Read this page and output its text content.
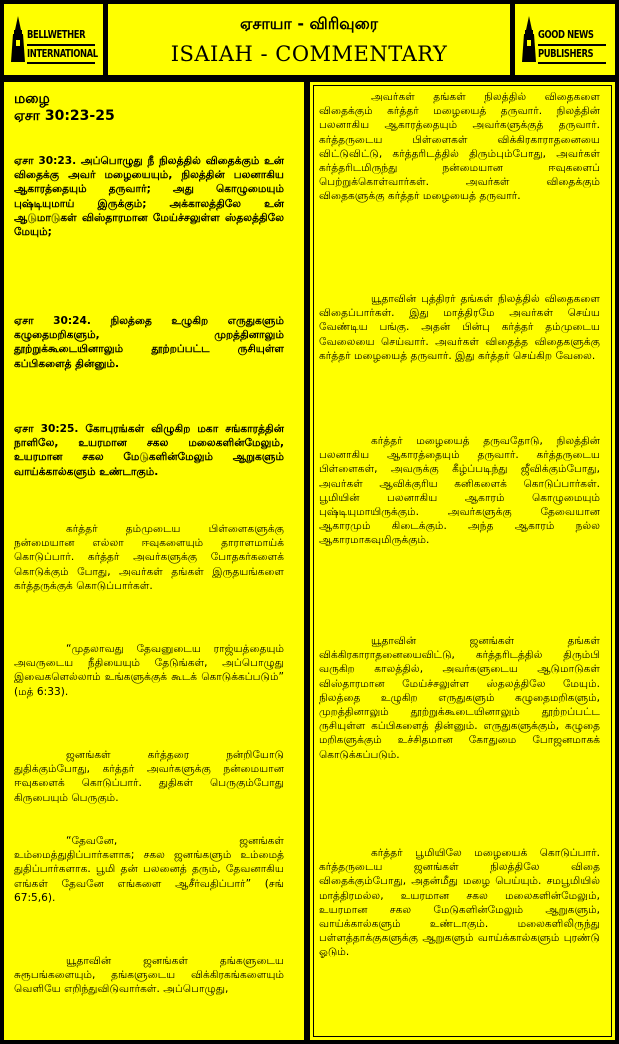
BELLWETHER
INTERNATIONAL
ஏசாயா - விரிவுரை
ISAIAH - COMMENTARY
GOOD NEWS
PUBLISHERS
மழை
ஏசா 30:23-25
ஏசா 30:23. அப்பொழுது நீ நிலத்தில் விதைக்கும் உன் விதைக்கு அவர் மழையையும், நிலத்தின் பலனாகிய ஆகாரத்தையும் தருவார்; அது கொழுமையும் புஷ்டியுமாய் இருக்கும்; அக்காலத்திலே உன் ஆடுமாடுகள் விஸ்தாரமான மேய்ச்சலுள்ள ஸ்தலத்திலே மேயும்;
ஏசா 30:24. நிலத்தை உழுகிற எருதுகளும் கழுதைமறிகளும், முறத்தினாலும் தூற்றுக்கூடையினாலும் தூற்றப்பட்ட ருசியுள்ள கப்பிகளைத் தின்னும்.
ஏசா 30:25. கோபுரங்கள் விழுகிற மகா சங்காரத்தின் நாளிலே, உயரமான சகல மலைகளின்மேலும், உயரமான சகல மேடுகளின்மேலும் ஆறுகளும் வாய்க்கால்களும் உண்டாகும்.
கர்த்தர் தம்முடைய பிள்ளைகளுக்கு நன்மையான எல்லா ஈவுகளையும் தாராளமாய்க் கொடுப்பார். கர்த்தர் அவர்களுக்கு போதகர்களைக் கொடுக்கும் போது, அவர்கள் தங்கள் இருதயங்களை கர்த்தருக்குக் கொடுப்பார்கள்.
“முதலாவது தேவனுடைய ராஜ்யத்தையும் அவருடைய நீதியையும் தேடுங்கள், அப்பொழுது இவைகளெல்லாம் உங்களுக்குக் கூடக் கொடுக்கப்படும்” (மத் 6:33).
ஜனங்கள் கர்த்தரை நன்றியோடு துதிக்கும்போது, கர்த்தர் அவர்களுக்கு நன்மையான ஈவுகளைக் கொடுப்பார். துதிகள் பெருகும்போது கிருபையும் பெருகும்.
“தேவனே, ஜனங்கள் உம்மைத்துதிப்பார்களாக; சகல ஜனங்களும் உம்மைத் துதிப்பார்களாக. பூமி தன் பலனைத் தரும், தேவனாகிய எங்கள் தேவனே எங்களை ஆசீர்வதிப்பார்” (சங் 67:5,6).
யூதாவின் ஜனங்கள் தங்களுடைய சுரூபங்களையும், தங்களுடைய விக்கிரகங்களையும் வெளியே எறிந்துவிடுவார்கள். அப்பொழுது,
அவர்கள் தங்கள் நிலத்தில் விதைகளை விதைக்கும் கர்த்தர் மழையைத் தருவார். நிலத்தின் பலனாகிய ஆகாரத்தையும் அவர்களுக்குத் தருவார். கர்த்தருடைய பிள்ளைகள் விக்கிரகாராதனையை விட்டுவிட்டு, கர்த்தரிடத்தில் திரும்பும்போது, அவர்கள் கர்த்தரிடமிருந்து நன்மையான ஈவுகளைப் பெற்றுக்கொள்வார்கள். அவர்கள் விதைக்கும் விதைகளுக்கு கர்த்தர் மழையைத் தருவார்.
யூதாவின் புத்திரர் தங்கள் நிலத்தில் விதைகளை விதைப்பார்கள். இது மாத்திரமே அவர்கள் செய்ய வேண்டிய பங்கு. அதன் பின்பு கர்த்தர் தம்முடைய வேலையை செய்வார். அவர்கள் விதைத்த விதைகளுக்கு கர்த்தர் மழையைத் தருவார். இது கர்த்தர் செய்கிற வேலை.
கர்த்தர் மழையைத் தருவதோடு, நிலத்தின் பலனாகிய ஆகாரத்தையும் தருவார். கர்த்தருடைய பிள்ளைகள், அவருக்கு கீழ்ப்படிந்து ஜீவிக்கும்போது, அவர்கள் ஆவிக்குரிய கனிகளைக் கொடுப்பார்கள். பூமியின் பலனாகிய ஆகாரம் கொழுமையும் புஷ்டியுமாயிருக்கும். அவர்களுக்கு தேவையான ஆகாரமும் கிடைக்கும். அந்த ஆகாரம் நல்ல ஆகாரமாகவுமிருக்கும்.
யூதாவின் ஜனங்கள் தங்கள் விக்கிரகாராதனையைவிட்டு, கர்த்தரிடத்தில் திரும்பி வருகிற காலத்தில், அவர்களுடைய ஆடுமாடுகள் விஸ்தாரமான மேய்ச்சலுள்ள ஸ்தலத்திலே மேயும். நிலத்தை உழுகிற எருதுகளும் கழுதைமறிகளும், முறத்தினாலும் தூற்றுக்கூடையினாலும் தூற்றப்பட்ட ருசியுள்ள கப்பிகளைத் தின்னும். எருதுகளுக்கும், கழுதை மறிகளுக்கும் உச்சிதமான கோதுமை போஜனமாகக் கொடுக்கப்படும்.
கர்த்தர் பூமியிலே மழையைக் கொடுப்பார். கர்த்தருடைய ஜனங்கள் நிலத்திலே விதை விதைக்கும்போது, அதன்மீது மழை பெய்யும். சமபூமியில் மாத்திரமல்ல, உயரமான சகல மலைகளின்மேலும், உயரமான சகல மேடுகளின்மேலும் ஆறுகளும், வாய்க்கால்களும் உண்டாகும். மலைகளிலிருந்து பள்ளத்தாக்குகளுக்கு ஆறுகளும் வாய்க்கால்களும் புரண்டு ஓடும்.
